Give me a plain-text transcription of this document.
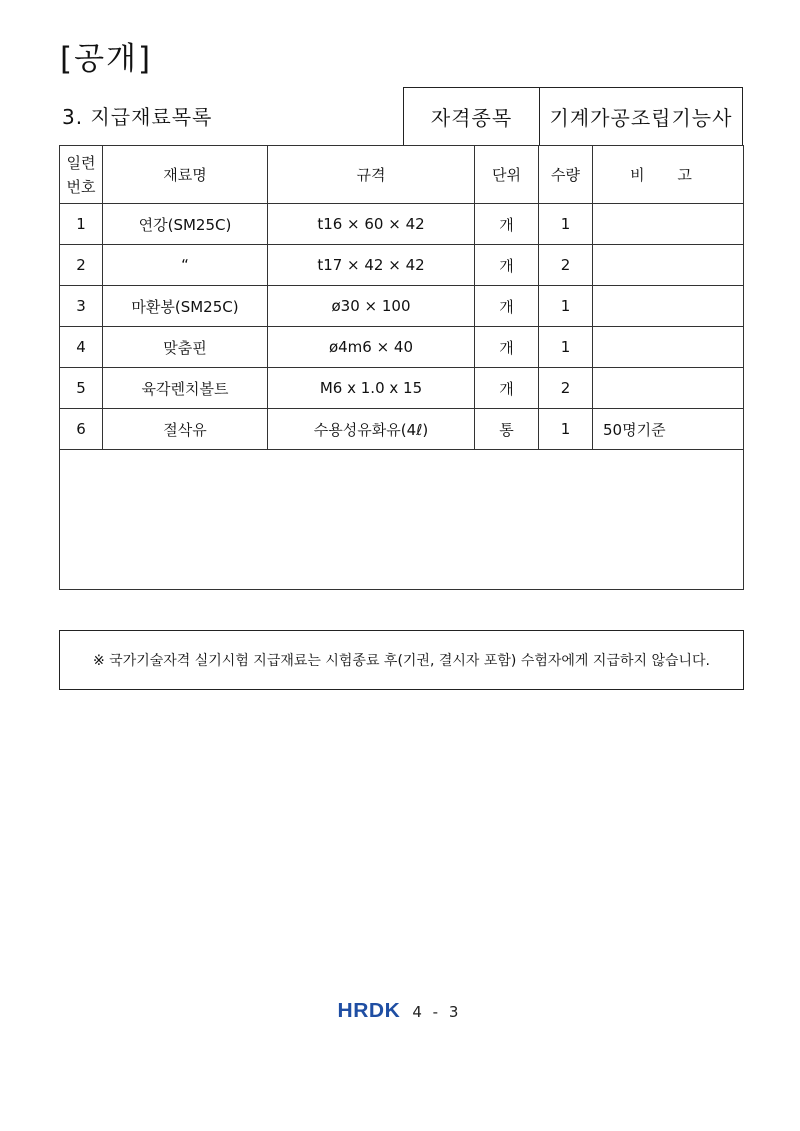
[공개]
3. 지급재료목록	자격종목	기계가공조립기능사
일련
번호	재료명	규격	단위	수량	비 고
1	연강(SM25C)	t16 × 60 × 42	개	1	
2	“	t17 × 42 × 42	개	2	
3	마환봉(SM25C)	ø30 × 100	개	1	
4	맞춤핀	ø4m6 × 40	개	1	
5	육각렌치볼트	M6 x 1.0 x 15	개	2	
6	절삭유	수용성유화유(4ℓ)	통	1	50명기준

※ 국가기술자격 실기시험 지급재료는 시험종료 후(기권, 결시자 포함) 수험자에게 지급하지 않습니다.
HRDK 4 - 3
